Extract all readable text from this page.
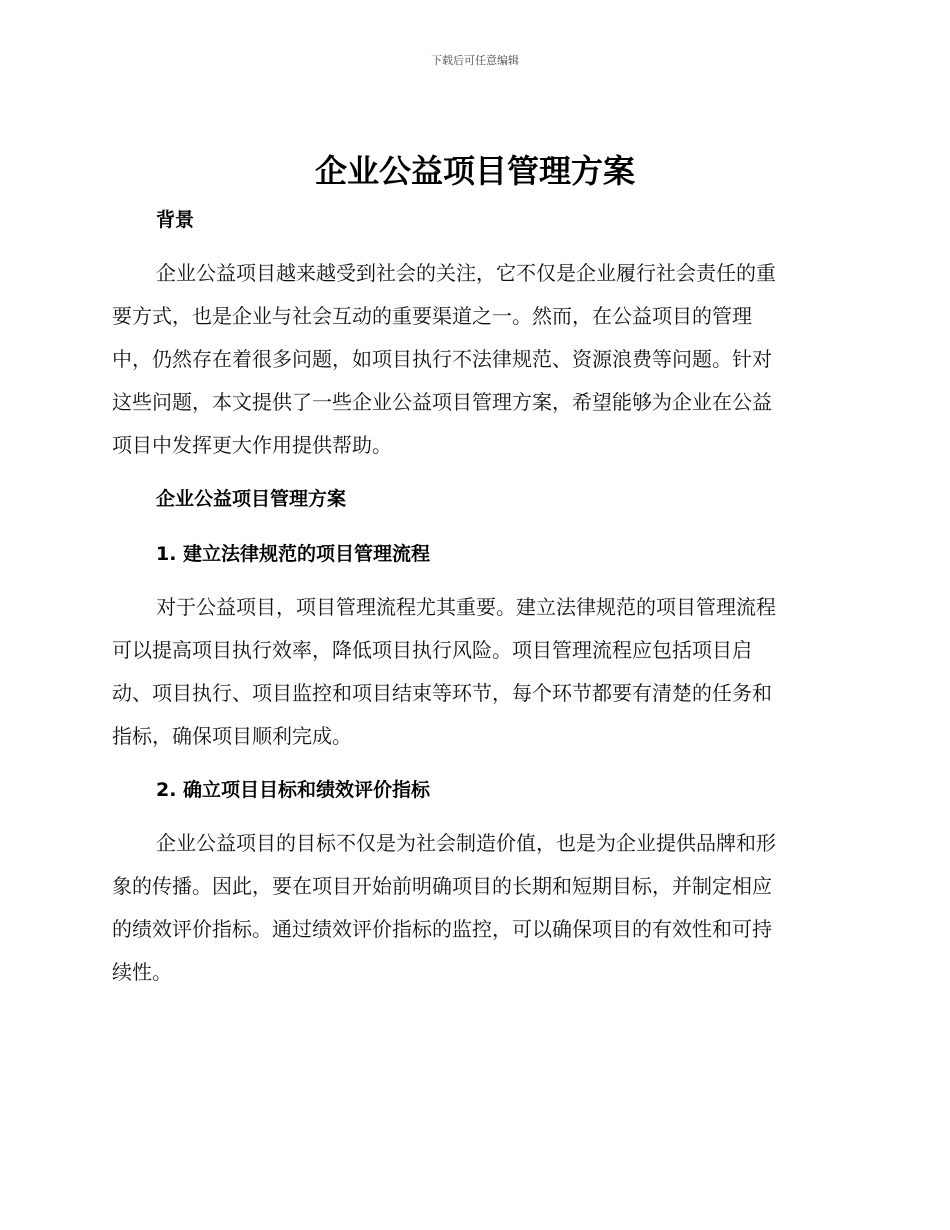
下载后可任意编辑
企业公益项目管理方案
背景

企业公益项目越来越受到社会的关注，它不仅是企业履行社会责任的重
要方式，也是企业与社会互动的重要渠道之一。然而，在公益项目的管理
中，仍然存在着很多问题，如项目执行不法律规范、资源浪费等问题。针对
这些问题，本文提供了一些企业公益项目管理方案，希望能够为企业在公益
项目中发挥更大作用提供帮助。

企业公益项目管理方案
1. 建立法律规范的项目管理流程

对于公益项目，项目管理流程尤其重要。建立法律规范的项目管理流程
可以提高项目执行效率，降低项目执行风险。项目管理流程应包括项目启
动、项目执行、项目监控和项目结束等环节，每个环节都要有清楚的任务和
指标，确保项目顺利完成。

2. 确立项目目标和绩效评价指标

企业公益项目的目标不仅是为社会制造价值，也是为企业提供品牌和形
象的传播。因此，要在项目开始前明确项目的长期和短期目标，并制定相应
的绩效评价指标。通过绩效评价指标的监控，可以确保项目的有效性和可持
续性。
